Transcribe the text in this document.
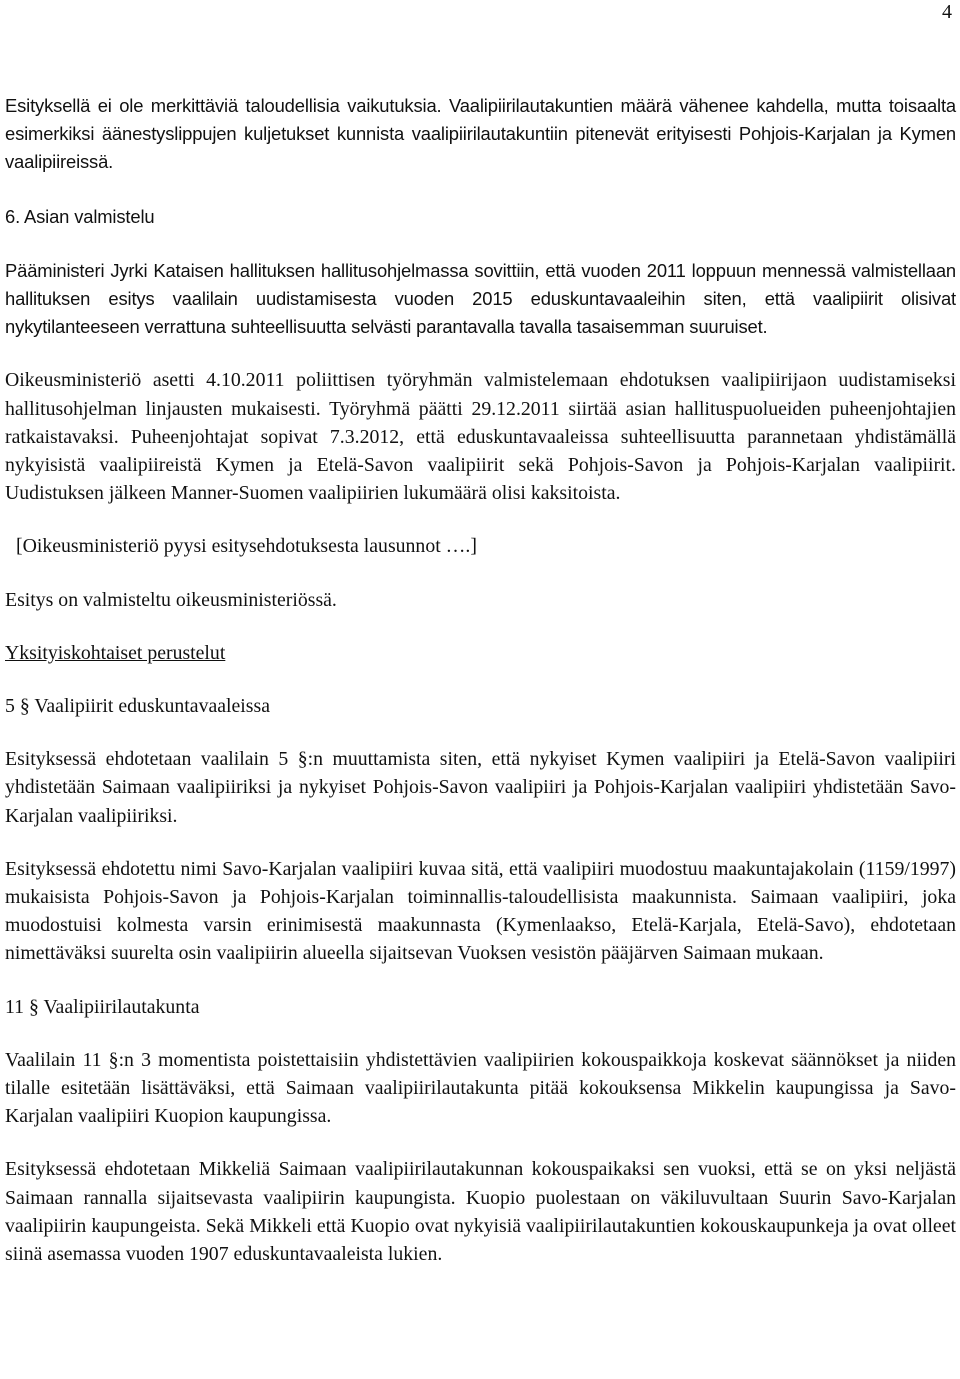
4

Esityksellä ei ole merkittäviä taloudellisia vaikutuksia. Vaalipiirilautakuntien määrä vähenee kahdella, mutta toisaalta esimerkiksi äänestyslippujen kuljetukset kunnista vaalipiirilautakuntiin pitenevät erityisesti Pohjois-Karjalan ja Kymen vaalipiireissä.

6. Asian valmistelu

Pääministeri Jyrki Kataisen hallituksen hallitusohjelmassa sovittiin, että vuoden 2011 loppuun mennessä valmistellaan hallituksen esitys vaalilain uudistamisesta vuoden 2015 eduskuntavaaleihin siten, että vaalipiirit olisivat nykytilanteeseen verrattuna suhteellisuutta selvästi parantavalla tavalla tasaisemman suuruiset.

Oikeusministeriö asetti 4.10.2011 poliittisen työryhmän valmistelemaan ehdotuksen vaalipiirijaon uudistamiseksi hallitusohjelman linjausten mukaisesti. Työryhmä päätti 29.12.2011 siirtää asian hallituspuolueiden puheenjohtajien ratkaistavaksi. Puheenjohtajat sopivat 7.3.2012, että eduskuntavaaleissa suhteellisuutta parannetaan yhdistämällä nykyisistä vaalipiireistä Kymen ja Etelä-Savon vaalipiirit sekä Pohjois-Savon ja Pohjois-Karjalan vaalipiirit. Uudistuksen jälkeen Manner-Suomen vaalipiirien lukumäärä olisi kaksitoista.

[Oikeusministeriö pyysi esitysehdotuksesta lausunnot ….]

Esitys on valmisteltu oikeusministeriössä.

Yksityiskohtaiset perustelut

5 § Vaalipiirit eduskuntavaaleissa

Esityksessä ehdotetaan vaalilain 5 §:n muuttamista siten, että nykyiset Kymen vaalipiiri ja Etelä-Savon vaalipiiri yhdistetään Saimaan vaalipiiriksi ja nykyiset Pohjois-Savon vaalipiiri ja Pohjois-Karjalan vaalipiiri yhdistetään Savo-Karjalan vaalipiiriksi.

Esityksessä ehdotettu nimi Savo-Karjalan vaalipiiri kuvaa sitä, että vaalipiiri muodostuu maakuntajakolain (1159/1997) mukaisista Pohjois-Savon ja Pohjois-Karjalan toiminnallis-taloudellisista maakunnista. Saimaan vaalipiiri, joka muodostuisi kolmesta varsin erinimisestä maakunnasta (Kymenlaakso, Etelä-Karjala, Etelä-Savo), ehdotetaan nimettäväksi suurelta osin vaalipiirin alueella sijaitsevan Vuoksen vesistön pääjärven Saimaan mukaan.

11 § Vaalipiirilautakunta

Vaalilain 11 §:n 3 momentista poistettaisiin yhdistettävien vaalipiirien kokouspaikkoja koskevat säännökset ja niiden tilalle esitetään lisättäväksi, että Saimaan vaalipiirilautakunta pitää kokouksensa Mikkelin kaupungissa ja Savo-Karjalan vaalipiiri Kuopion kaupungissa.

Esityksessä ehdotetaan Mikkeliä Saimaan vaalipiirilautakunnan kokouspaikaksi sen vuoksi, että se on yksi neljästä Saimaan rannalla sijaitsevasta vaalipiirin kaupungista. Kuopio puolestaan on väkiluvultaan Suurin Savo-Karjalan vaalipiirin kaupungeista. Sekä Mikkeli että Kuopio ovat nykyisiä vaalipiirilautakuntien kokouskaupunkeja ja ovat olleet siinä asemassa vuoden 1907 eduskuntavaaleista lukien.
